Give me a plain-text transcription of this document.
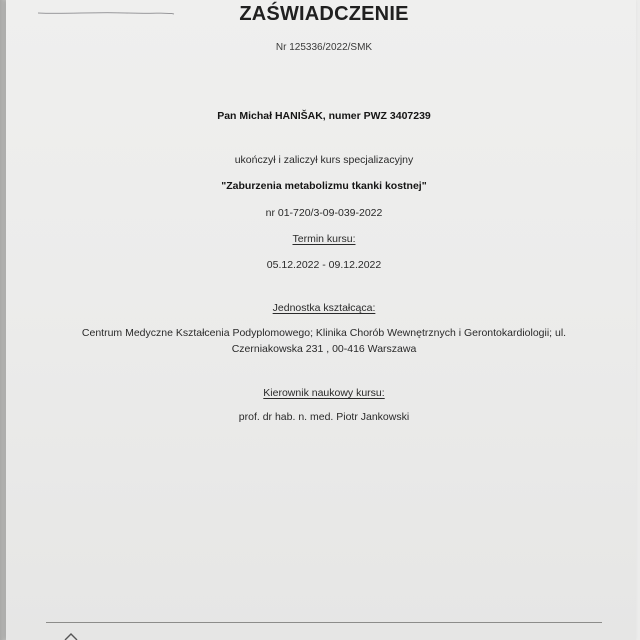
ZAŚWIADCZENIE
Nr 125336/2022/SMK
Pan Michał HANIŠAK, numer PWZ 3407239
ukończył i zaliczył kurs specjalizacyjny
"Zaburzenia metabolizmu tkanki kostnej"
nr 01-720/3-09-039-2022
Termin kursu:
05.12.2022 - 09.12.2022
Jednostka kształcąca:
Centrum Medyczne Kształcenia Podyplomowego; Klinika Chorób Wewnętrznych i Gerontokardiologii; ul.
Czerniakowska 231 , 00-416 Warszawa
Kierownik naukowy kursu:
prof. dr hab. n. med. Piotr Jankowski
